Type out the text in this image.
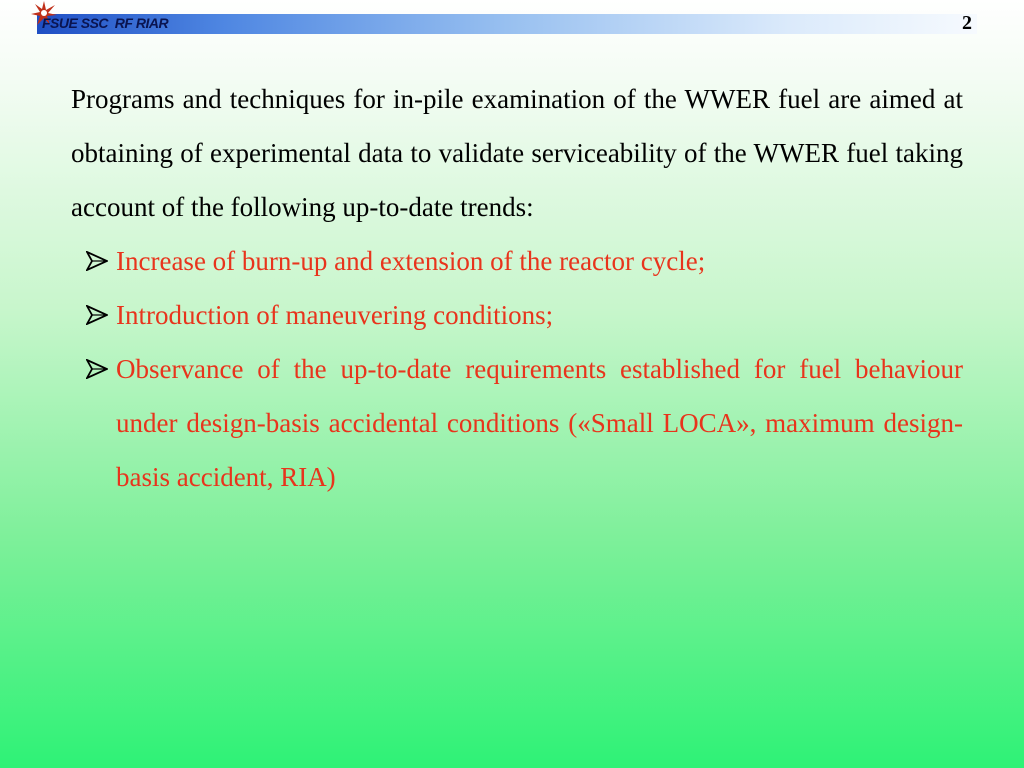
FSUE SSC  RF RIAR	2

Programs and techniques for in-pile examination of the WWER fuel are aimed at obtaining of experimental data to validate serviceability of the WWER fuel taking account of the following up-to-date trends:

Increase of burn-up and extension of the reactor cycle;
Introduction of maneuvering conditions;
Observance of the up-to-date requirements established for fuel behaviour under design-basis accidental conditions («Small LOCA», maximum design-basis accident, RIA)
